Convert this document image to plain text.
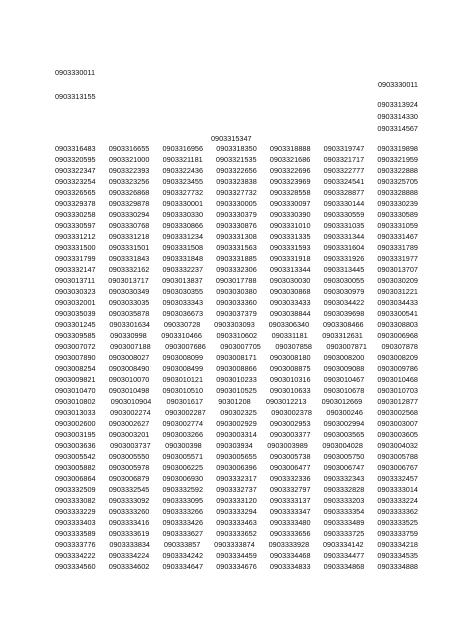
0903330011
0903330011
0903313155
0903313924
0903314330
0903314567
0903315347
0903316483 0903316655 0903316956 0903318350 0903318888 0903319747 0903319898
0903320595 0903321000 0903321181 0903321535 0903321686 0903321717 0903321959
0903322347 0903322393 0903322436 0903322656 0903322696 0903322777 0903322888
0903323254 0903323256 0903323455 0903323838 0903323969 0903324541 0903325705
0903326565 0903326868 0903327732 0903327732 0903328558 0903328877 0903328888
0903329378 0903329878 0903330001 0903330005 0903330097 0903330144 0903330239
0903330258 0903330294 0903330330 0903330379 0903330390 0903330559 0903330589
0903330597 0903330768 0903330866 0903330876 0903331010 0903331035 0903331059
0903331212 0903331218 0903331234 0903331308 0903331335 0903331344 0903331467
0903331500 0903331501 0903331508 0903331563 0903331593 0903331604 0903331789
0903331799 0903331843 0903331848 0903331885 0903331918 0903331926 0903331977
0903332147 0903332162 0903332237 0903332306 0903313344 0903313445 0903013707
0903013711 0903013717 0903013837 0903017788 0903030030 0903030055 0903030209
0903030323 0903030349 0903030355 0903030380 0903030868 0903030979 0903031221
0903032001 0903033035 0903033343 0903033360 0903033433 0903034422 0903034433
0903035039 0903035878 0903036673 0903037379 0903038844 0903039698 0903300541
0903301245 0903301634 090330728 0903303093 0903306340 0903308466 0903308803
0903309585 090330998 0903310466 0903310602 090331181 0903312631 0903006968
0903007072 0903007188 0903007686 0903007705 090307858 0903007871 090307878
0903007890 0903008027 0903008099 0903008171 0903008180 0903008200 0903008209
0903008254 0903008490 0903008499 0903008866 0903008875 0903009088 0903009786
0903009821 0903010070 0903010121 0903010233 0903010316 0903010467 0903010468
0903010470 0903010498 0903010510 0903010525 0903010633 0903010678 0903010703
0903010802 0903010904 090301617 90301208 0903012213 0903012669 0903012877
0903013033 0903002274 0903002287 090302325 0903002378 090300246 0903002568
0903002600 0903002627 0903002774 0903002929 0903002953 0903002994 0903003007
0903003195 0903003201 0903003266 0903003314 0903003377 0903003565 0903003605
0903003636 0903003737 090300398 090303934 0903003989 0903004028 0903004032
0903005542 0903005550 0903005571 0903005655 0903005738 0903005750 0903005788
0903005882 0903005978 0903006225 0903006396 0903006477 0903006747 0903006767
0903006864 0903006879 0903006930 0903332317 0903332336 0903332343 0903332457
0903332509 0903332545 0903332592 0903332737 0903332797 0903332828 0903333014
0903333082 0903333092 0903333095 0903333120 0903333137 0903333203 0903333224
0903333229 0903333260 0903333266 0903333294 0903333347 0903333354 0903333362
0903333403 0903333416 0903333426 0903333463 0903333480 0903333489 0903333525
0903333589 0903333619 0903333627 0903333652 0903333656 0903333725 0903333759
0903333776 0903333834 090333857 0903333874 0903333928 0903334142 0903334218
0903334222 0903334224 0903334242 0903334459 0903334468 0903334477 0903334535
0903334560 0903334602 0903334647 0903334676 0903334833 0903334868 0903334888
